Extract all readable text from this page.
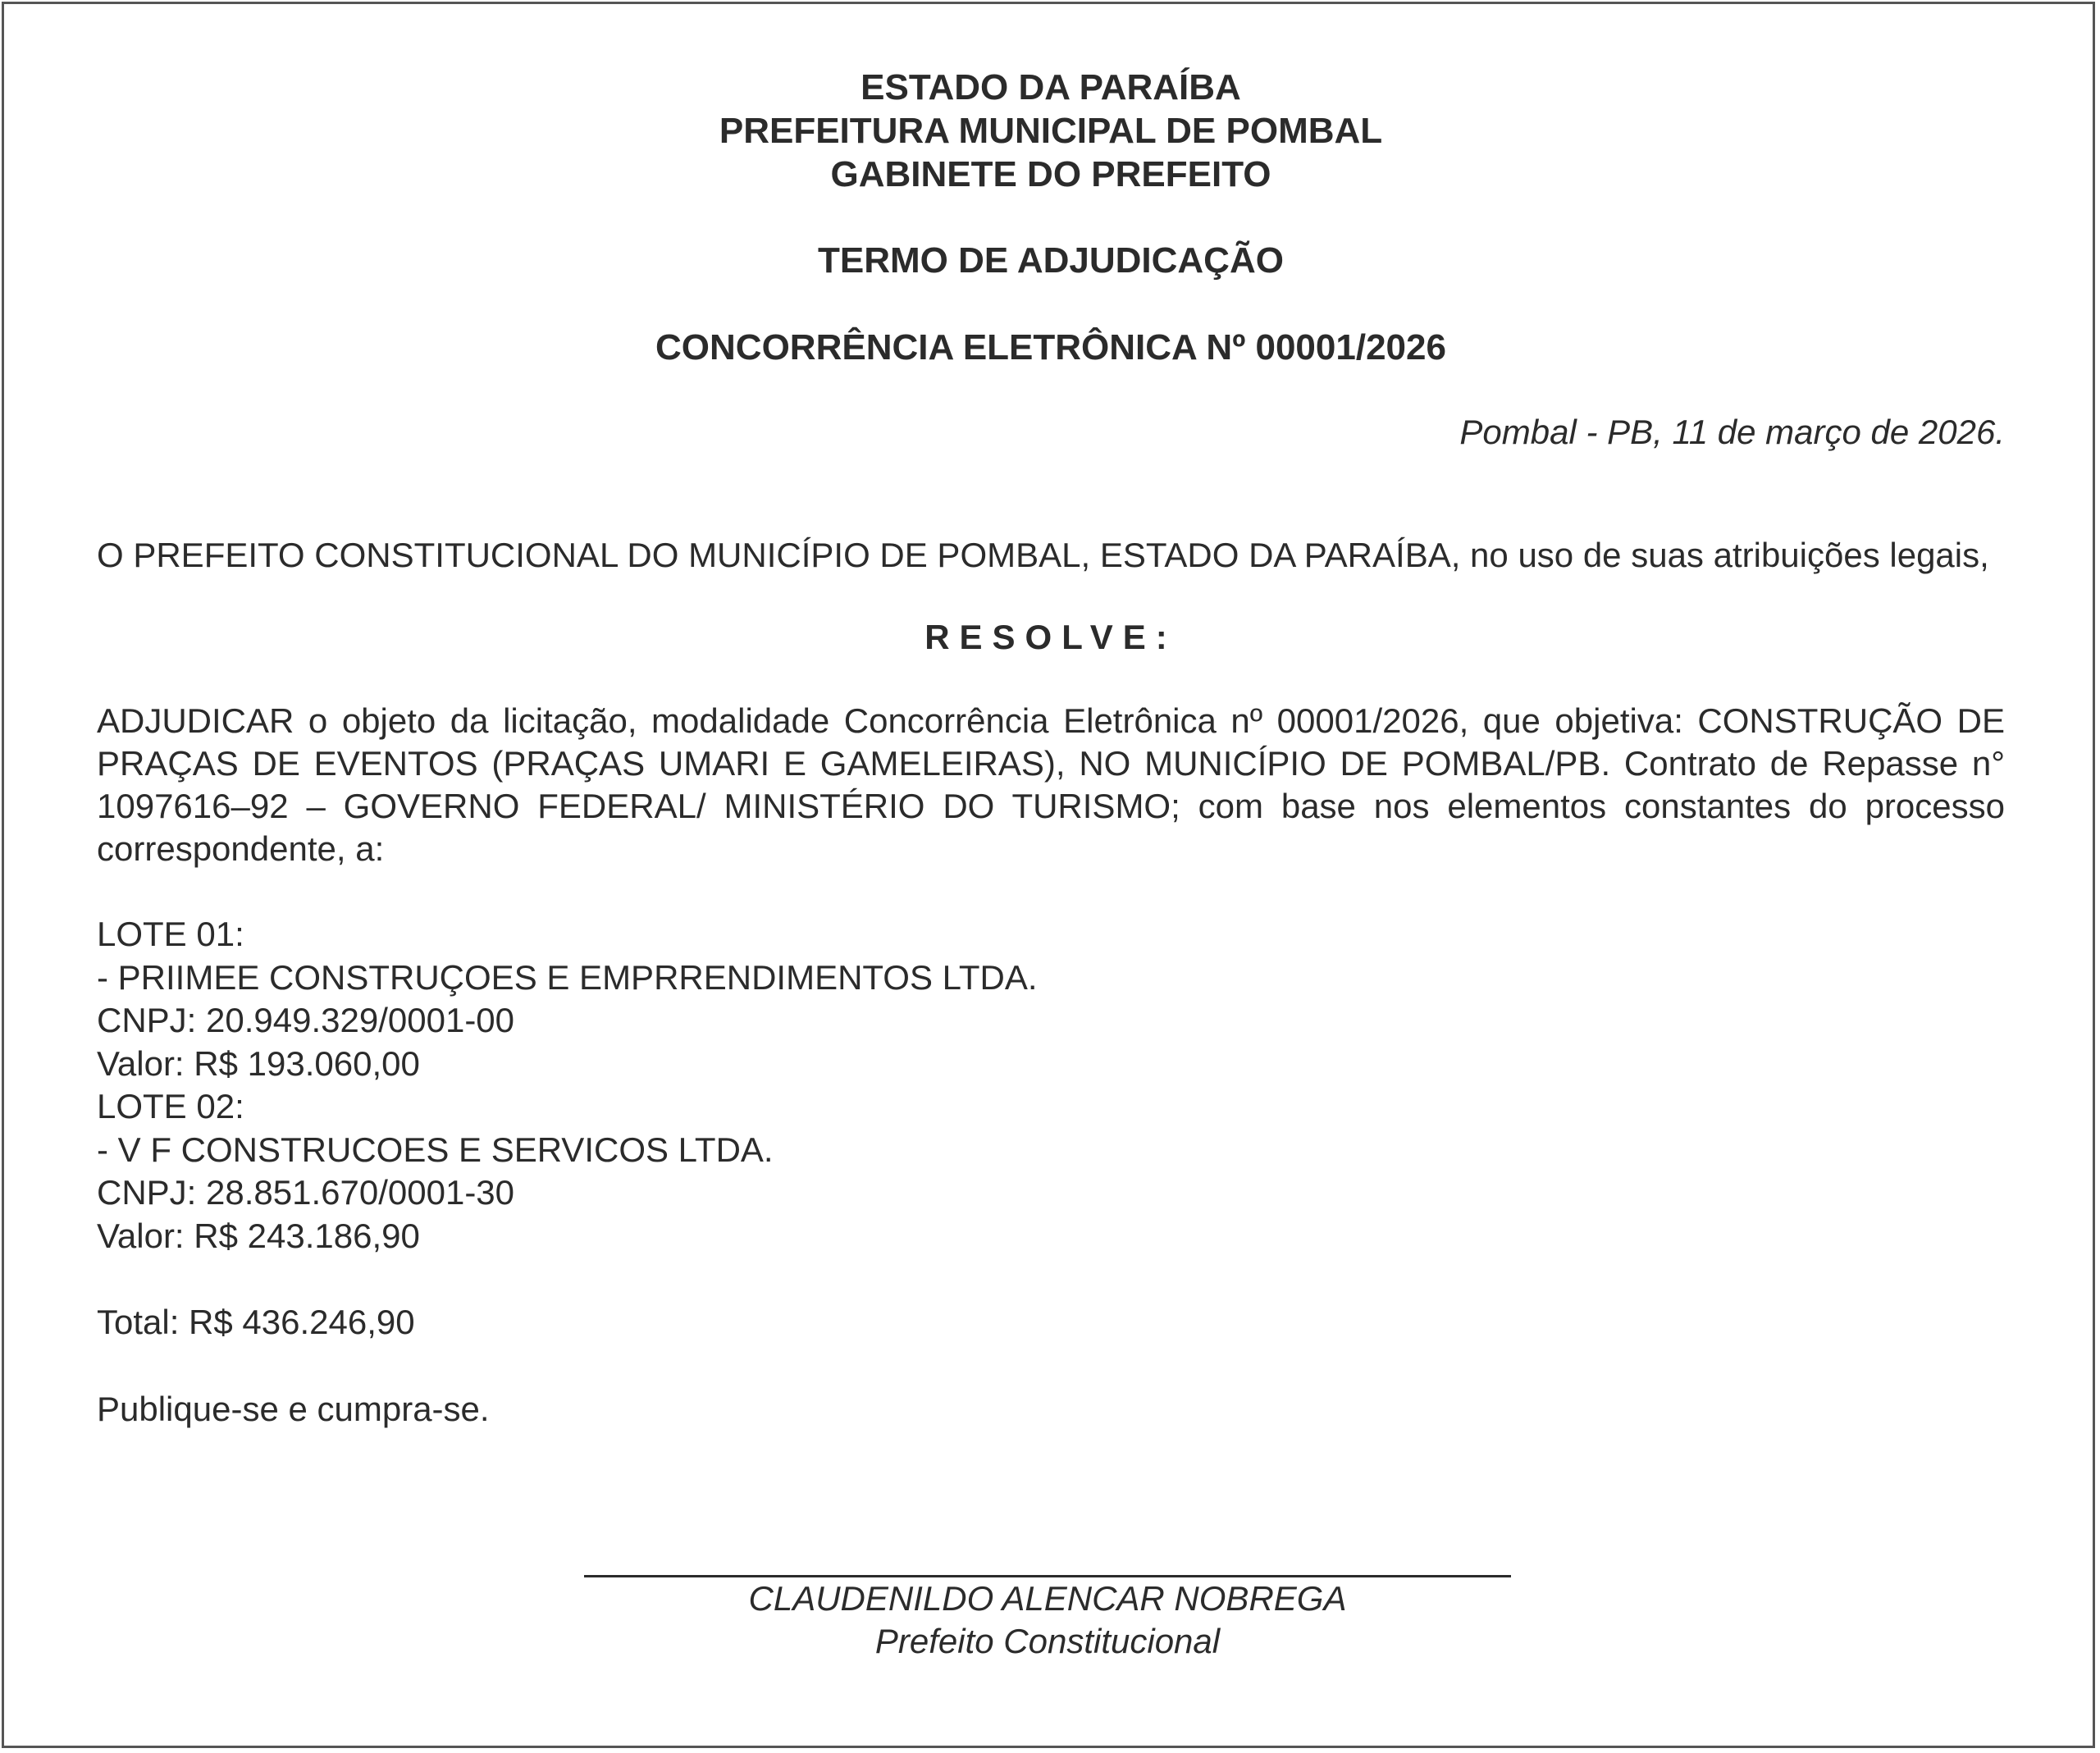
ESTADO DA PARAÍBA

PREFEITURA MUNICIPAL DE POMBAL

GABINETE DO PREFEITO

TERMO DE ADJUDICAÇÃO

CONCORRÊNCIA ELETRÔNICA Nº 00001/2026

Pombal - PB, 11 de março de 2026.

O PREFEITO CONSTITUCIONAL DO MUNICÍPIO DE POMBAL, ESTADO DA PARAÍBA, no uso de suas atribuições legais,

RESOLVE:

ADJUDICAR o objeto da licitação, modalidade Concorrência Eletrônica nº 00001/2026, que objetiva: CONSTRUÇÃO DE PRAÇAS DE EVENTOS (PRAÇAS UMARI E GAMELEIRAS), NO MUNICÍPIO DE POMBAL/PB. Contrato de Repasse n° 1097616–92 – GOVERNO FEDERAL/ MINISTÉRIO DO TURISMO; com base nos elementos constantes do processo correspondente, a:

LOTE 01:

- PRIIMEE CONSTRUÇOES E EMPRRENDIMENTOS LTDA.

CNPJ: 20.949.329/0001-00

Valor: R$ 193.060,00

LOTE 02:

- V F CONSTRUCOES E SERVICOS LTDA.

CNPJ: 28.851.670/0001-30

Valor: R$ 243.186,90

Total: R$ 436.246,90

Publique-se e cumpra-se.

CLAUDENILDO ALENCAR NOBREGA

Prefeito Constitucional
